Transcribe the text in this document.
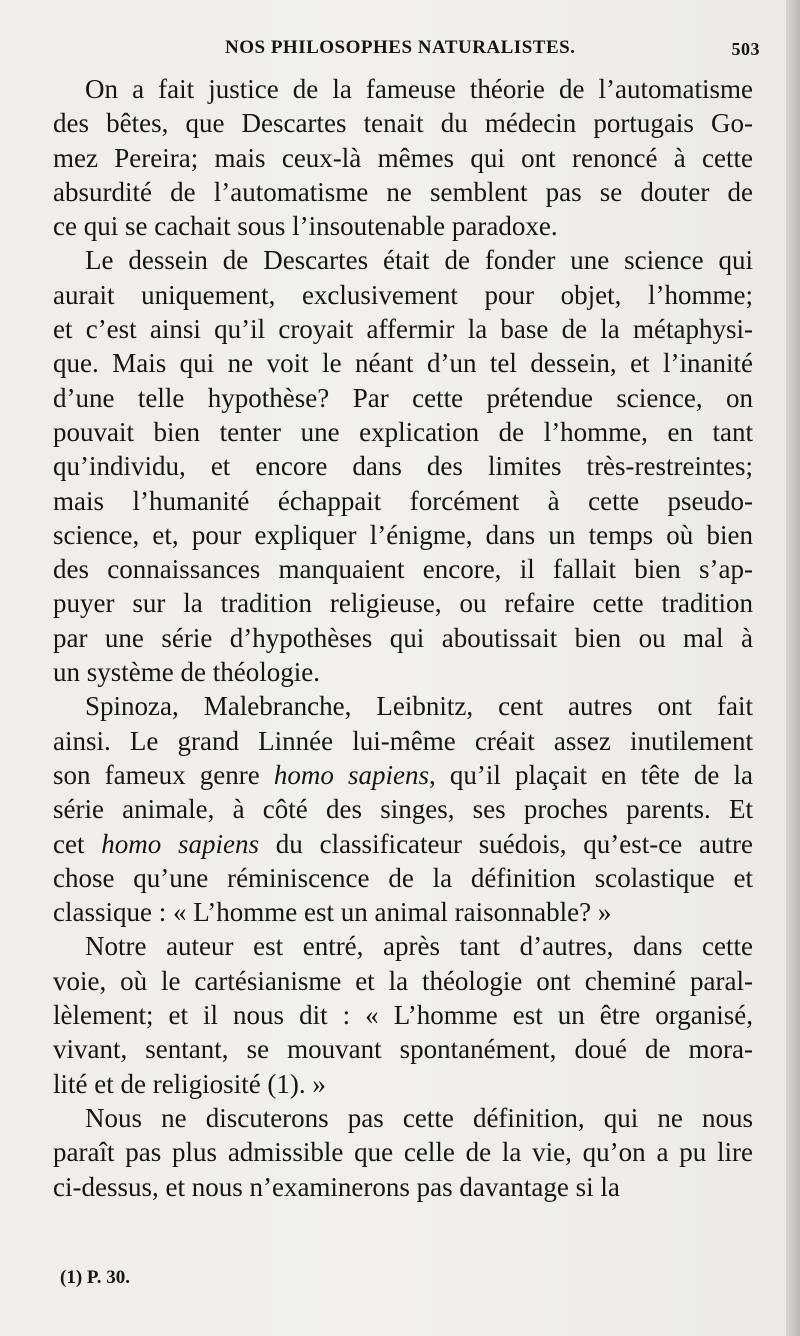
NOS PHILOSOPHES NATURALISTES.	503
On a fait justice de la fameuse théorie de l’automatisme
des bêtes, que Descartes tenait du médecin portugais Go-
mez Pereira; mais ceux-là mêmes qui ont renoncé à cette
absurdité de l’automatisme ne semblent pas se douter de
ce qui se cachait sous l’insoutenable paradoxe.
Le dessein de Descartes était de fonder une science qui
aurait uniquement, exclusivement pour objet, l’homme;
et c’est ainsi qu’il croyait affermir la base de la métaphysi-
que. Mais qui ne voit le néant d’un tel dessein, et l’inanité
d’une telle hypothèse? Par cette prétendue science, on
pouvait bien tenter une explication de l’homme, en tant
qu’individu, et encore dans des limites très-restreintes;
mais l’humanité échappait forcément à cette pseudo-
science, et, pour expliquer l’énigme, dans un temps où bien
des connaissances manquaient encore, il fallait bien s’ap-
puyer sur la tradition religieuse, ou refaire cette tradition
par une série d’hypothèses qui aboutissait bien ou mal à
un système de théologie.
Spinoza, Malebranche, Leibnitz, cent autres ont fait
ainsi. Le grand Linnée lui-même créait assez inutilement
son fameux genre homo sapiens, qu’il plaçait en tête de la
série animale, à côté des singes, ses proches parents. Et
cet homo sapiens du classificateur suédois, qu’est-ce autre
chose qu’une réminiscence de la définition scolastique et
classique : « L’homme est un animal raisonnable? »
Notre auteur est entré, après tant d’autres, dans cette
voie, où le cartésianisme et la théologie ont cheminé paral-
lèlement; et il nous dit : « L’homme est un être organisé,
vivant, sentant, se mouvant spontanément, doué de mora-
lité et de religiosité (1). »
Nous ne discuterons pas cette définition, qui ne nous
paraît pas plus admissible que celle de la vie, qu’on a pu lire
ci-dessus, et nous n’examinerons pas davantage si la
(1) P. 30.
